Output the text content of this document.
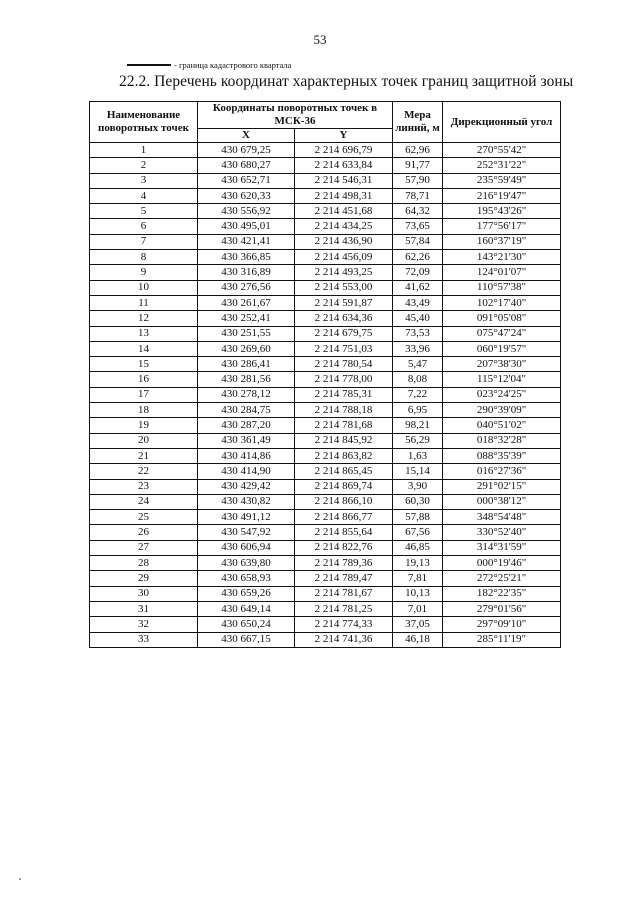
53
- граница кадастрового квартала
22.2. Перечень координат характерных точек границ защитной зоны
Наименование поворотных точек	Координаты поворотных точек в МСК-36		Мера линий, м	Дирекционный угол
	X	Y		
1	430 679,25	2 214 696,79	62,96	270°55'42"
2	430 680,27	2 214 633,84	91,77	252°31'22"
3	430 652,71	2 214 546,31	57,90	235°59'49"
4	430 620,33	2 214 498,31	78,71	216°19'47"
5	430 556,92	2 214 451,68	64,32	195°43'26"
6	430 495,01	2 214 434,25	73,65	177°56'17"
7	430 421,41	2 214 436,90	57,84	160°37'19"
8	430 366,85	2 214 456,09	62,26	143°21'30"
9	430 316,89	2 214 493,25	72,09	124°01'07"
10	430 276,56	2 214 553,00	41,62	110°57'38"
11	430 261,67	2 214 591,87	43,49	102°17'40"
12	430 252,41	2 214 634,36	45,40	091°05'08"
13	430 251,55	2 214 679,75	73,53	075°47'24"
14	430 269,60	2 214 751,03	33,96	060°19'57"
15	430 286,41	2 214 780,54	5,47	207°38'30"
16	430 281,56	2 214 778,00	8,08	115°12'04"
17	430 278,12	2 214 785,31	7,22	023°24'25"
18	430 284,75	2 214 788,18	6,95	290°39'09"
19	430 287,20	2 214 781,68	98,21	040°51'02"
20	430 361,49	2 214 845,92	56,29	018°32'28"
21	430 414,86	2 214 863,82	1,63	088°35'39"
22	430 414,90	2 214 865,45	15,14	016°27'36"
23	430 429,42	2 214 869,74	3,90	291°02'15"
24	430 430,82	2 214 866,10	60,30	000°38'12"
25	430 491,12	2 214 866,77	57,88	348°54'48"
26	430 547,92	2 214 855,64	67,56	330°52'40"
27	430 606,94	2 214 822,76	46,85	314°31'59"
28	430 639,80	2 214 789,36	19,13	000°19'46"
29	430 658,93	2 214 789,47	7,81	272°25'21"
30	430 659,26	2 214 781,67	10,13	182°22'35"
31	430 649,14	2 214 781,25	7,01	279°01'56"
32	430 650,24	2 214 774,33	37,05	297°09'10"
33	430 667,15	2 214 741,36	46,18	285°11'19"
